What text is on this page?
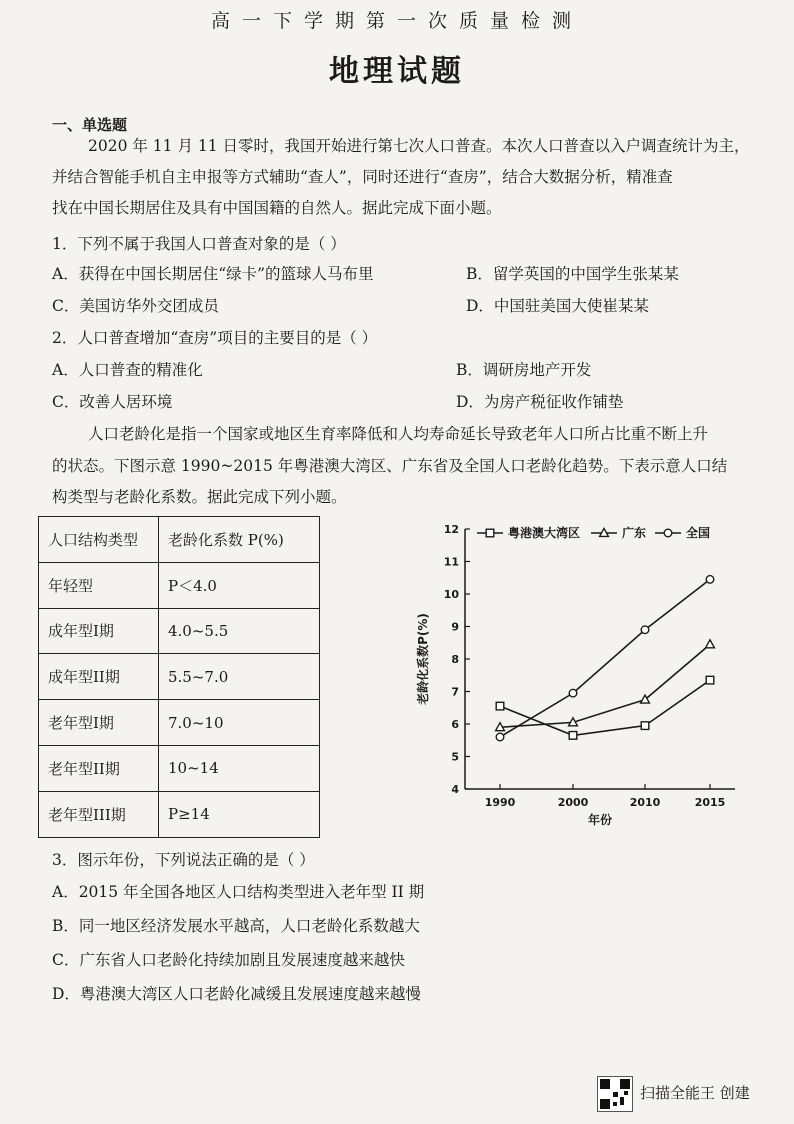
高一下学期第一次质量检测
地理试题
一、单选题
2020 年 11 月 11 日零时，我国开始进行第七次人口普查。本次人口普查以入户调查统计为主，
并结合智能手机自主申报等方式辅助“查人”，同时还进行“查房”，结合大数据分析，精准查
找在中国长期居住及具有中国国籍的自然人。据此完成下面小题。
1．下列不属于我国人口普查对象的是（ ）
A．获得在中国长期居住“绿卡”的篮球人马布里	B．留学英国的中国学生张某某
C．美国访华外交团成员	D．中国驻美国大使崔某某
2．人口普查增加“查房”项目的主要目的是（ ）
A．人口普查的精准化	B．调研房地产开发
C．改善人居环境	D．为房产税征收作铺垫
人口老龄化是指一个国家或地区生育率降低和人均寿命延长导致老年人口所占比重不断上升
的状态。下图示意 1990~2015 年粤港澳大湾区、广东省及全国人口老龄化趋势。下表示意人口结
构类型与老龄化系数。据此完成下列小题。
人口结构类型	老龄化系数 P(%)
年轻型	P＜4.0
成年型I期	4.0~5.5
成年型II期	5.5~7.0
老年型I期	7.0~10
老年型II期	10~14
老年型III期	P≥14
4
5
6
7
8
9
10
11
12
1990	2000	2010	2015
年份
老龄化系数P(%)
粤港澳大湾区	广东	全国
3．图示年份，下列说法正确的是（ ）
A．2015 年全国各地区人口结构类型进入老年型 II 期
B．同一地区经济发展水平越高，人口老龄化系数越大
C．广东省人口老龄化持续加剧且发展速度越来越快
D．粤港澳大湾区人口老龄化减缓且发展速度越来越慢
扫描全能王 创建
